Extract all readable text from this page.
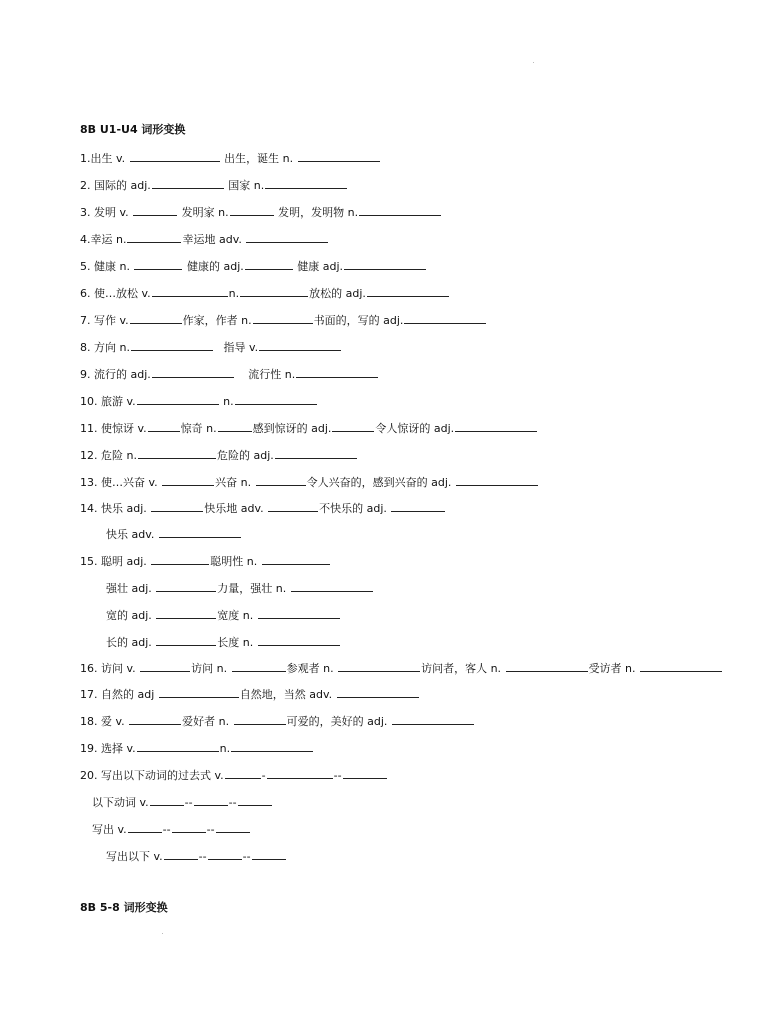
8B U1-U4 词形变换
1.出生 v.	出生，诞生 n.
2. 国际的 adj.	国家 n.
3. 发明 v.	发明家 n.	发明，发明物 n.
4.幸运 n.	幸运地 adv.
5. 健康 n.	健康的 adj.	健康 adj.
6. 使…放松 v.	n.	放松的 adj.
7. 写作 v.	作家，作者 n.	书面的，写的 adj.
8. 方向 n.	指导 v.
9. 流行的 adj.	流行性 n.
10. 旅游 v.	n.
11. 使惊讶 v.	惊奇 n.	感到惊讶的 adj.	令人惊讶的 adj.
12. 危险 n.	危险的 adj.
13. 使…兴奋 v.	兴奋 n.	令人兴奋的，感到兴奋的 adj.
14. 快乐 adj.	快乐地 adv.	不快乐的 adj.
快乐 adv.
15. 聪明 adj.	聪明性 n.
强壮 adj.	力量，强壮 n.
宽的 adj.	宽度 n.
长的 adj.	长度 n.
16. 访问 v.	访问 n.	参观者 n.	访问者，客人 n.	受访者 n.
17. 自然的 adj	自然地，当然 adv.
18. 爱 v.	爱好者 n.	可爱的，美好的 adj.
19. 选择 v.	n.
20. 写出以下动词的过去式 v.	-	--
以下动词 v.	--	--
写出 v.	--	--
写出以下 v.	--	--
8B 5-8 词形变换
